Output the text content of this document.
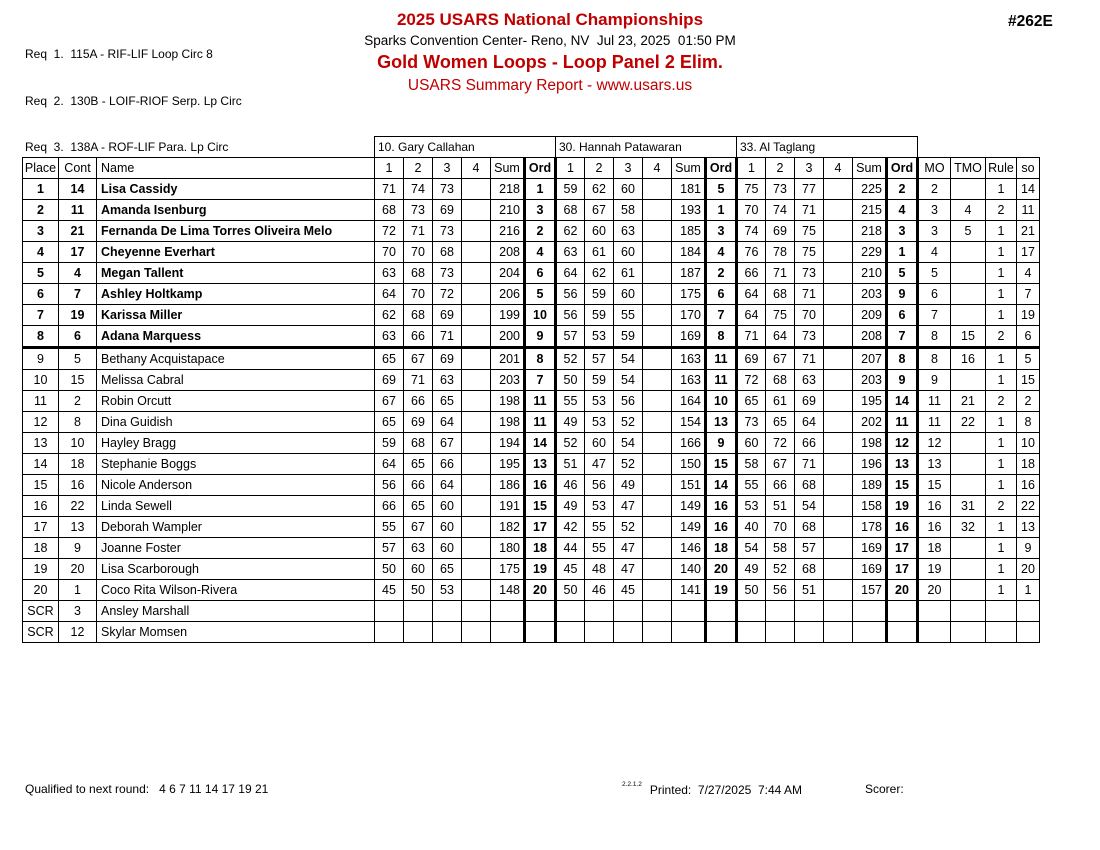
Req  1.  115A - RIF-LIF Loop Circ 8

Req  2.  130B - LOIF-RIOF Serp. Lp Circ

Req  3.  138A - ROF-LIF Para. Lp Circ

2025 USARS National Championships
Sparks Convention Center- Reno, NV  Jul 23, 2025  01:50 PM
Gold Women Loops - Loop Panel 2 Elim.
USARS Summary Report - www.usars.us
#262E
			10. Gary Callahan						30. Hannah Patawaran						33. Al Taglang									
Place	Cont	Name	1	2	3	4	Sum	Ord	1	2	3	4	Sum	Ord	1	2	3	4	Sum	Ord	MO	TMO	Rule	so
1	14	Lisa Cassidy	71	74	73		218	1	59	62	60		181	5	75	73	77		225	2	2		1	14
2	11	Amanda Isenburg	68	73	69		210	3	68	67	58		193	1	70	74	71		215	4	3	4	2	11
3	21	Fernanda De Lima Torres Oliveira Melo	72	71	73		216	2	62	60	63		185	3	74	69	75		218	3	3	5	1	21
4	17	Cheyenne Everhart	70	70	68		208	4	63	61	60		184	4	76	78	75		229	1	4		1	17
5	4	Megan Tallent	63	68	73		204	6	64	62	61		187	2	66	71	73		210	5	5		1	4
6	7	Ashley Holtkamp	64	70	72		206	5	56	59	60		175	6	64	68	71		203	9	6		1	7
7	19	Karissa Miller	62	68	69		199	10	56	59	55		170	7	64	75	70		209	6	7		1	19
8	6	Adana Marquess	63	66	71		200	9	57	53	59		169	8	71	64	73		208	7	8	15	2	6
9	5	Bethany Acquistapace	65	67	69		201	8	52	57	54		163	11	69	67	71		207	8	8	16	1	5
10	15	Melissa Cabral	69	71	63		203	7	50	59	54		163	11	72	68	63		203	9	9		1	15
11	2	Robin Orcutt	67	66	65		198	11	55	53	56		164	10	65	61	69		195	14	11	21	2	2
12	8	Dina Guidish	65	69	64		198	11	49	53	52		154	13	73	65	64		202	11	11	22	1	8
13	10	Hayley Bragg	59	68	67		194	14	52	60	54		166	9	60	72	66		198	12	12		1	10
14	18	Stephanie Boggs	64	65	66		195	13	51	47	52		150	15	58	67	71		196	13	13		1	18
15	16	Nicole Anderson	56	66	64		186	16	46	56	49		151	14	55	66	68		189	15	15		1	16
16	22	Linda Sewell	66	65	60		191	15	49	53	47		149	16	53	51	54		158	19	16	31	2	22
17	13	Deborah Wampler	55	67	60		182	17	42	55	52		149	16	40	70	68		178	16	16	32	1	13
18	9	Joanne Foster	57	63	60		180	18	44	55	47		146	18	54	58	57		169	17	18		1	9
19	20	Lisa Scarborough	50	60	65		175	19	45	48	47		140	20	49	52	68		169	17	19		1	20
20	1	Coco Rita Wilson-Rivera	45	50	53		148	20	50	46	45		141	19	50	56	51		157	20	20		1	1
SCR	3	Ansley Marshall																						
SCR	12	Skylar Momsen																						
Qualified to next round:   4 6 7 11 14 17 19 21	$^{2.2.1.2}$ Printed:  7/27/2025  7:44 AM	Scorer:
